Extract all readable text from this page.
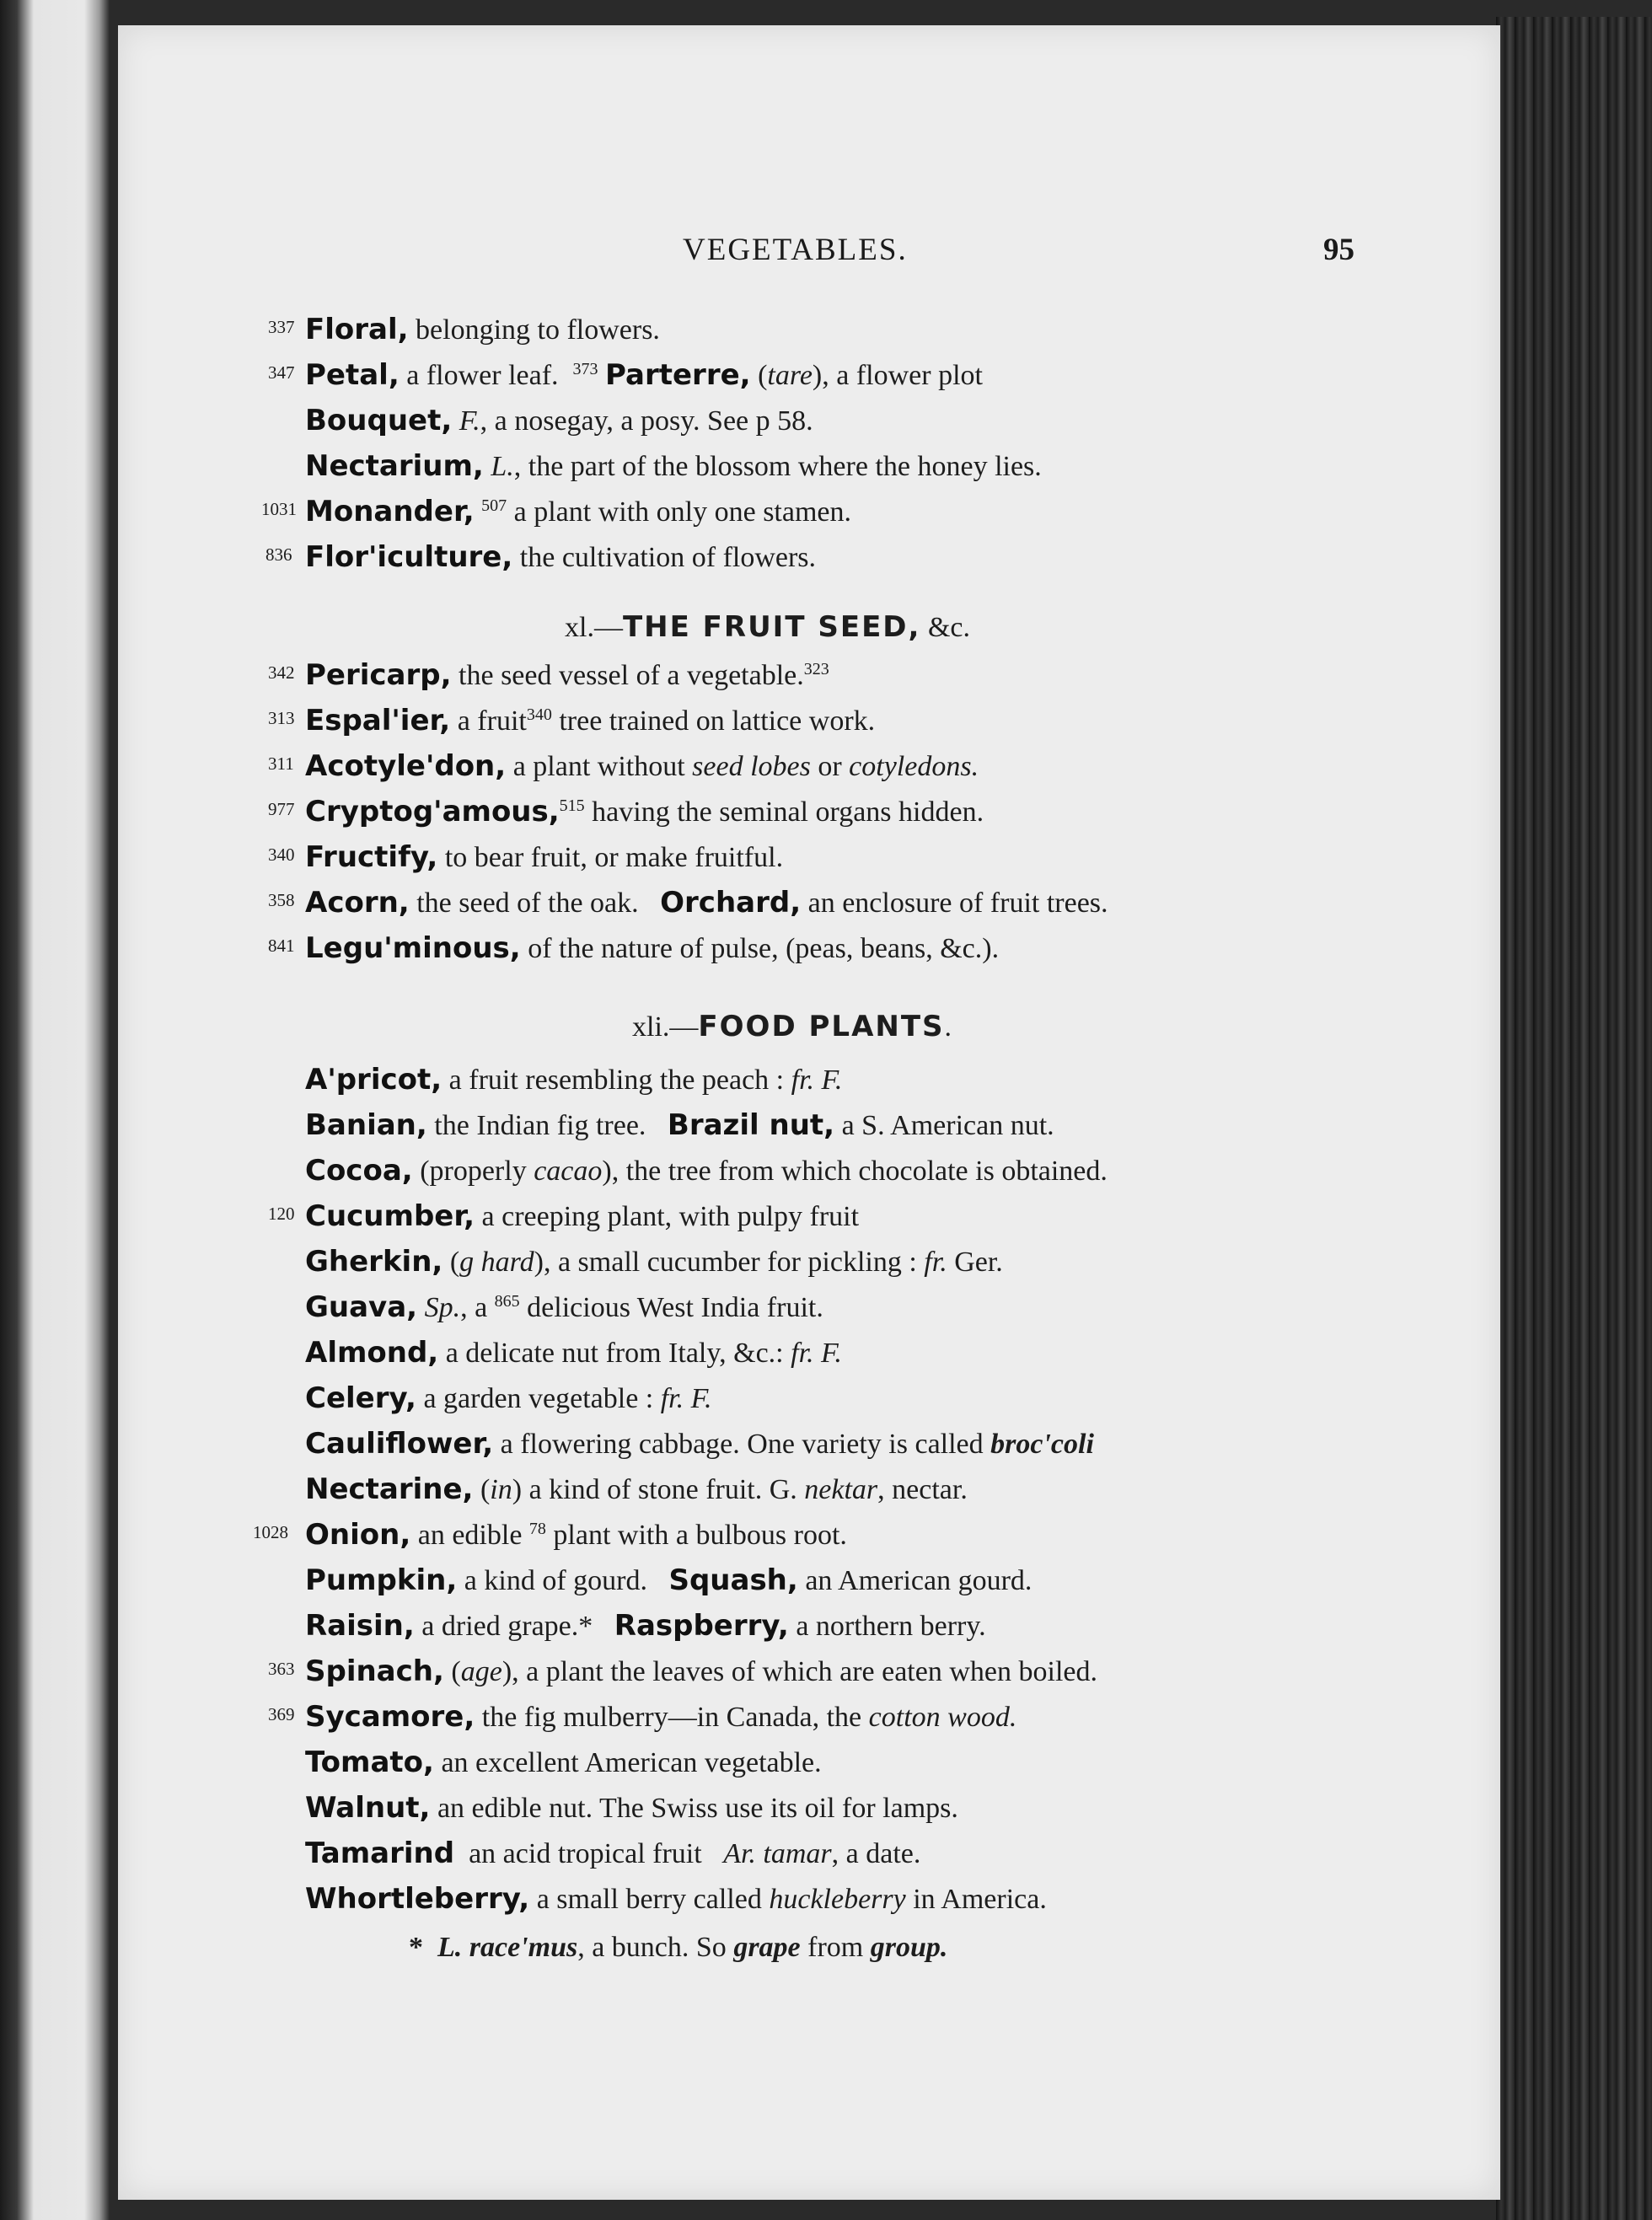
VEGETABLES.	95
337 Floral, belonging to flowers.
347 Petal, a flower leaf. $^{373}$ Parterre, (tare), a flower plot
Bouquet, F., a nosegay, a posy. See p 58.
Nectarium, L., the part of the blossom where the honey lies.
1031 Monander, $^{507}$ a plant with only one stamen.
836 Flor'iculture, the cultivation of flowers.
xl.—THE FRUIT SEED, &c.
342 Pericarp, the seed vessel of a vegetable.$^{323}$
313 Espal'ier, a fruit$^{340}$ tree trained on lattice work.
311 Acotyle'don, a plant without seed lobes or cotyledons.
977 Cryptog'amous,$^{515}$ having the seminal organs hidden.
340 Fructify, to bear fruit, or make fruitful.
358 Acorn, the seed of the oak. Orchard, an enclosure of fruit trees.
841 Legu'minous, of the nature of pulse, (peas, beans, &c.).
xli.—FOOD PLANTS.
A'pricot, a fruit resembling the peach : fr. F.
Banian, the Indian fig tree. Brazil nut, a S. American nut.
Cocoa, (properly cacao), the tree from which chocolate is obtained.
120 Cucumber, a creeping plant, with pulpy fruit
Gherkin, (g hard), a small cucumber for pickling : fr. Ger.
Guava, Sp., a $^{865}$ delicious West India fruit.
Almond, a delicate nut from Italy, &c.: fr. F.
Celery, a garden vegetable : fr. F.
Cauliflower, a flowering cabbage. One variety is called broc'coli
Nectarine, (in) a kind of stone fruit. G. nektar, nectar.
1028 Onion, an edible $^{78}$ plant with a bulbous root.
Pumpkin, a kind of gourd. Squash, an American gourd.
Raisin, a dried grape.* Raspberry, a northern berry.
363 Spinach, (age), a plant the leaves of which are eaten when boiled.
369 Sycamore, the fig mulberry—in Canada, the cotton wood.
Tomato, an excellent American vegetable.
Walnut, an edible nut. The Swiss use its oil for lamps.
Tamarind an acid tropical fruit Ar. tamar, a date.
Whortleberry, a small berry called huckleberry in America.
* L. race'mus, a bunch. So grape from group.
